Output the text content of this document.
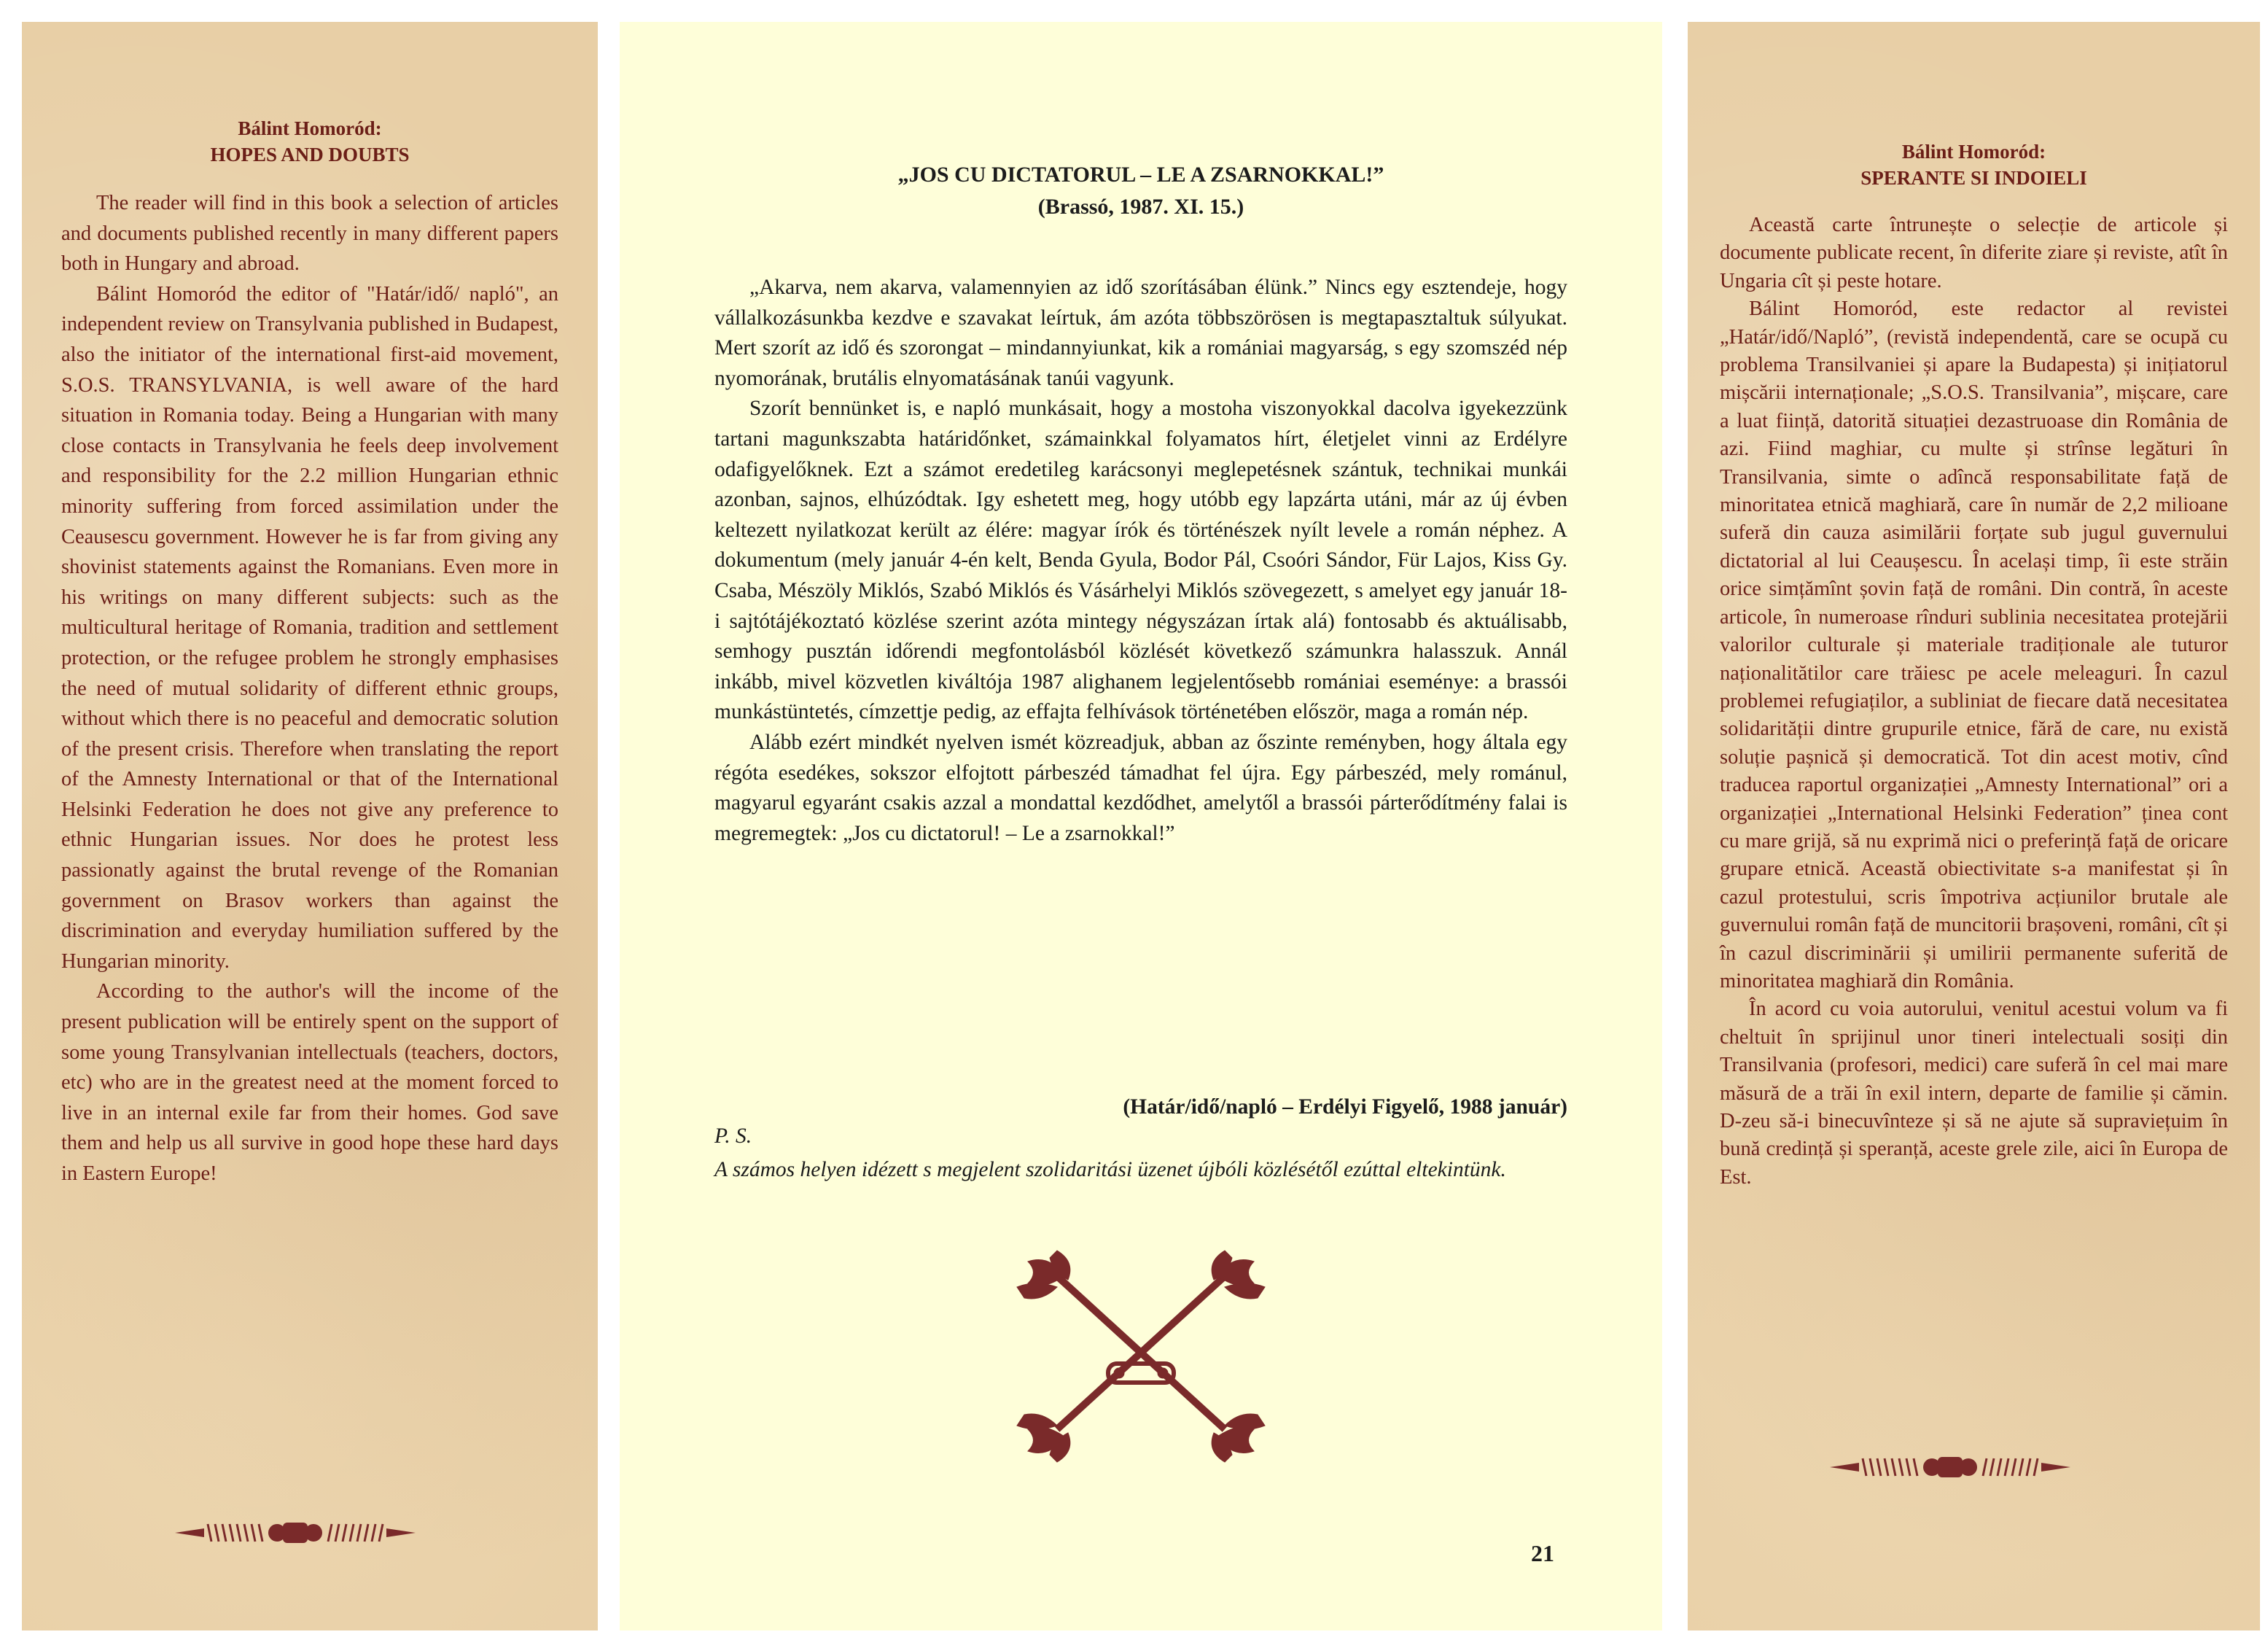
Bálint Homoród:
HOPES AND DOUBTS

The reader will find in this book a selection of articles and documents published recently in many different papers both in Hungary and abroad.

Bálint Homoród the editor of "Határ/idő/ napló", an independent review on Transylvania published in Budapest, also the initiator of the international first-aid movement, S.O.S. TRANSYLVANIA, is well aware of the hard situation in Romania today. Being a Hungarian with many close contacts in Transylvania he feels deep involvement and responsibility for the 2.2 million Hungarian ethnic minority suffering from forced assimilation under the Ceausescu government. However he is far from giving any shovinist statements against the Romanians. Even more in his writings on many different subjects: such as the multicultural heritage of Romania, tradition and settlement protection, or the refugee problem he strongly emphasises the need of mutual solidarity of different ethnic groups, without which there is no peaceful and democratic solution of the present crisis. Therefore when translating the report of the Amnesty International or that of the International Helsinki Federation he does not give any preference to ethnic Hungarian issues. Nor does he protest less passionatly against the brutal revenge of the Romanian government on Brasov workers than against the discrimination and everyday humiliation suffered by the Hungarian minority.

According to the author's will the income of the present publication will be entirely spent on the support of some young Transylvanian intellectuals (teachers, doctors, etc) who are in the greatest need at the moment forced to live in an internal exile far from their homes. God save them and help us all survive in good hope these hard days in Eastern Europe!

„JOS CU DICTATORUL – LE A ZSARNOKKAL!”
(Brassó, 1987. XI. 15.)

„Akarva, nem akarva, valamennyien az idő szorításában élünk.” Nincs egy esztendeje, hogy vállalkozásunkba kezdve e szavakat leírtuk, ám azóta többszörösen is megtapasztaltuk súlyukat. Mert szorít az idő és szorongat – mindannyiunkat, kik a romániai magyarság, s egy szomszéd nép nyomorának, brutális elnyomatásának tanúi vagyunk.

Szorít bennünket is, e napló munkásait, hogy a mostoha viszonyokkal dacolva igyekezzünk tartani magunkszabta határidőnket, számainkkal folyamatos hírt, életjelet vinni az Erdélyre odafigyelőknek. Ezt a számot eredetileg karácsonyi meglepetésnek szántuk, technikai munkái azonban, sajnos, elhúzódtak. Igy eshetett meg, hogy utóbb egy lapzárta utáni, már az új évben keltezett nyilatkozat került az élére: magyar írók és történészek nyílt levele a román néphez. A dokumentum (mely január 4-én kelt, Benda Gyula, Bodor Pál, Csoóri Sándor, Für Lajos, Kiss Gy. Csaba, Mészöly Miklós, Szabó Miklós és Vásárhelyi Miklós szövegezett, s amelyet egy január 18-i sajtótájékoztató közlése szerint azóta mintegy négyszázan írtak alá) fontosabb és aktuálisabb, semhogy pusztán időrendi megfontolásból közlését következő számunkra halasszuk. Annál inkább, mivel közvetlen kiváltója 1987 alighanem legjelentősebb romániai eseménye: a brassói munkástüntetés, címzettje pedig, az effajta felhívások történetében először, maga a román nép.

Alább ezért mindkét nyelven ismét közreadjuk, abban az őszinte reményben, hogy általa egy régóta esedékes, sokszor elfojtott párbeszéd támadhat fel újra. Egy párbeszéd, mely románul, magyarul egyaránt csakis azzal a mondattal kezdődhet, amelytől a brassói párterődítmény falai is megremegtek: „Jos cu dictatorul! – Le a zsarnokkal!”

(Határ/idő/napló – Erdélyi Figyelő, 1988 január)
P. S.
A számos helyen idézett s megjelent szolidaritási üzenet újbóli közlésétől ezúttal eltekintünk.
21
Bálint Homoród:
SPERANTE SI INDOIELI

Această carte întrunește o selecție de articole și documente publicate recent, în diferite ziare și reviste, atît în Ungaria cît și peste hotare.

Bálint Homoród, este redactor al revistei „Határ/idő/Napló”, (revistă independentă, care se ocupă cu problema Transilvaniei și apare la Budapesta) și inițiatorul mișcării internaționale; „S.O.S. Transilvania”, mișcare, care a luat ființă, datorită situației dezastruoase din România de azi. Fiind maghiar, cu multe și strînse legături în Transilvania, simte o adîncă responsabilitate față de minoritatea etnică maghiară, care în număr de 2,2 milioane suferă din cauza asimilării forțate sub jugul guvernului dictatorial al lui Ceaușescu. În același timp, îi este străin orice simțămînt șovin față de români. Din contră, în aceste articole, în numeroase rînduri sublinia necesitatea protejării valorilor culturale și materiale tradiționale ale tuturor naționalitătilor care trăiesc pe acele meleaguri. În cazul problemei refugiaților, a subliniat de fiecare dată necesitatea solidarității dintre grupurile etnice, fără de care, nu există soluție pașnică și democratică. Tot din acest motiv, cînd traducea raportul organizației „Amnesty International” ori a organizației „International Helsinki Federation” ținea cont cu mare grijă, să nu exprimă nici o preferință față de oricare grupare etnică. Această obiectivitate s-a manifestat și în cazul protestului, scris împotriva acțiunilor brutale ale guvernului român față de muncitorii brașoveni, români, cît și în cazul discriminării și umilirii permanente suferită de minoritatea maghiară din România.

În acord cu voia autorului, venitul acestui volum va fi cheltuit în sprijinul unor tineri intelectuali sosiți din Transilvania (profesori, medici) care suferă în cel mai mare măsură de a trăi în exil intern, departe de familie și cămin. D-zeu să-i binecuvînteze și să ne ajute să supraviețuim în bună credință și speranță, aceste grele zile, aici în Europa de Est.
